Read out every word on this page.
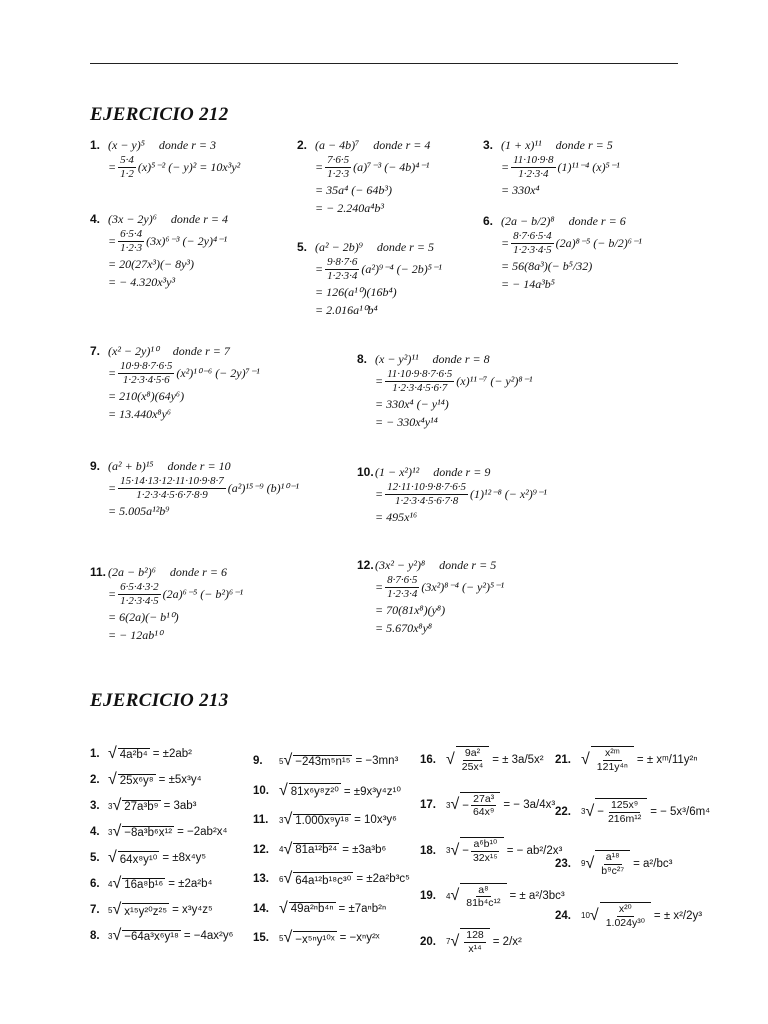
EJERCICIO 212
1. (x − y)⁵ donde r = 3
= $\frac{5\cdot 4}{1\cdot 2} (x)^{5-2}$ (− y)² = 10x³y²
2. (a − 4b)⁷ donde r = 4
= $\frac{7\cdot 6\cdot 5}{1\cdot 2\cdot 3} (a)^{7-3}$ (− 4b)⁴⁻¹
= 35a⁴ (− 64b³)
= − 2.240a⁴b³
3. (1 + x)¹¹ donde r = 5
= $\frac{11\cdot 10\cdot 9\cdot 8}{1\cdot 2\cdot 3\cdot 4} (1)^{11-4}$ (x)⁵⁻¹
= 330x⁴
4. (3x − 2y)⁶ donde r = 4
= $\frac{6\cdot 5\cdot 4}{1\cdot 2\cdot 3} (3x)^{6-3}$ (− 2y)⁴⁻¹
= 20(27x³)(− 8y³)
= − 4.320x³y³
5. (a² − 2b)⁹ donde r = 5
= $\frac{9\cdot 8\cdot 7\cdot 6}{1\cdot 2\cdot 3\cdot 4} (a^2)^{9-4}$ (− 2b)⁵⁻¹
= 126(a¹⁰)(16b⁴)
= 2.016a¹⁰b⁴
6. (2a − b/2)⁸ donde r = 6
= $\frac{8\cdot 7\cdot 6\cdot 5\cdot 4}{1\cdot 2\cdot 3\cdot 4\cdot 5} (2a)^{8-5}$ (− b/2)⁶⁻¹
= 56(8a³)(− b⁵/32)
= − 14a³b⁵
7. (x² − 2y)¹⁰ donde r = 7
= $\frac{10\cdot 9\cdot 8\cdot 7\cdot 6\cdot 5}{1\cdot 2\cdot 3\cdot 4\cdot 5\cdot 6} (x^2)^{10-6}$ (− 2y)⁷⁻¹
= 210(x⁸)(64y⁶)
= 13.440x⁸y⁶
8. (x − y²)¹¹ donde r = 8
= $\frac{11\cdot 10\cdot 9\cdot 8\cdot 7\cdot 6\cdot 5}{1\cdot 2\cdot 3\cdot 4\cdot 5\cdot 6\cdot 7} (x)^{11-7}$ (− y²)⁸⁻¹
= 330x⁴ (− y¹⁴)
= − 330x⁴y¹⁴
9. (a² + b)¹⁵ donde r = 10
= $\frac{15\cdot 14\cdot 13\cdot 12\cdot 11\cdot 10\cdot 9\cdot 8\cdot 7}{1\cdot 2\cdot 3\cdot 4\cdot 5\cdot 6\cdot 7\cdot 8\cdot 9} (a^2)^{15-9}$ (b)¹⁰⁻¹
= 5.005a¹²b⁹
10. (1 − x²)¹² donde r = 9
= $\frac{12\cdot 11\cdot 10\cdot 9\cdot 8\cdot 7\cdot 6\cdot 5}{1\cdot 2\cdot 3\cdot 4\cdot 5\cdot 6\cdot 7\cdot 8} (1)^{12-8}$ (− x²)⁹⁻¹
= 495x¹⁶
11. (2a − b²)⁶ donde r = 6
= $\frac{6\cdot 5\cdot 4\cdot 3\cdot 2}{1\cdot 2\cdot 3\cdot 4\cdot 5} (2a)^{6-5}$ (− b²)⁶⁻¹
= 6(2a)(− b¹⁰)
= − 12ab¹⁰
12. (3x² − y²)⁸ donde r = 5
= $\frac{8\cdot 7\cdot 6\cdot 5}{1\cdot 2\cdot 3\cdot 4} (3x^2)^{8-4}$ (− y²)⁵⁻¹
= 70(81x⁸)(y⁸)
= 5.670x⁸y⁸
EJERCICIO 213
1. √ 4a²b⁴ = ±2ab²
2. √ 25x⁶y⁸ = ±5x³y⁴
3.	3 √ 27a³b⁹ = 3ab³
4.	3 √ −8a³b⁶x¹² = −2ab²x⁴
5. √ 64x⁸y¹⁰ = ±8x⁴y⁵
6.	4 √ 16a⁸b¹⁶ = ±2a²b⁴
7.	5 √ x¹⁵y²⁰z²⁵ = x³y⁴z⁵
8.	3 √ −64a³x⁶y¹⁸ = −4ax²y⁶
9.	5 √ −243m⁵n¹⁵ = −3mn³
10. √ 81x⁶y⁸z²⁰ = ±9x³y⁴z¹⁰
11.	3 √ 1.000x⁹y¹⁸ = 10x³y⁶
12.	4 √ 81a¹²b²⁴ = ±3a³b⁶
13.	6 √ 64a¹²b¹⁸c³⁰ = ±2a²b³c⁵
14. √ 49a²ⁿb⁴ⁿ = ±7aⁿb²ⁿ
15.	5 √ −x⁵ⁿy¹⁰ˣ = −xⁿy²ˣ
16. √ $\frac{\text{9a²}}{\text{25x⁴}}$ = ± 3a/5x²
17.	3 √ − $\frac{\text{27a³}}{\text{64x⁹}}$ = − 3a/4x³
18.	3 √ − $\frac{\text{a⁶b¹⁰}}{\text{32x¹⁵}}$ = − ab²/2x³
19.	4 √ $\frac{\text{a⁸}}{\text{81b⁴c¹²}}$ = ± a²/3bc³
20.	7 √ $\frac{128}{\text{x¹⁴}} = 2/x^2$
21. √ $\frac{\text{x²ᵐ}}{\text{121y⁴ⁿ}}$ = ± xᵐ/11y²ⁿ
22.	3 √ − $\frac{\text{125x⁹}}{\text{216m¹²}}$ = − 5x³/6m⁴
23.	9 √ $\frac{\text{a¹⁸}}{\text{b⁹c²⁷}} = a^2/bc^3$
24.	10 √ $\frac{\text{x²⁰}}{\text{1.024y³⁰}}$ = ± x²/2y³
